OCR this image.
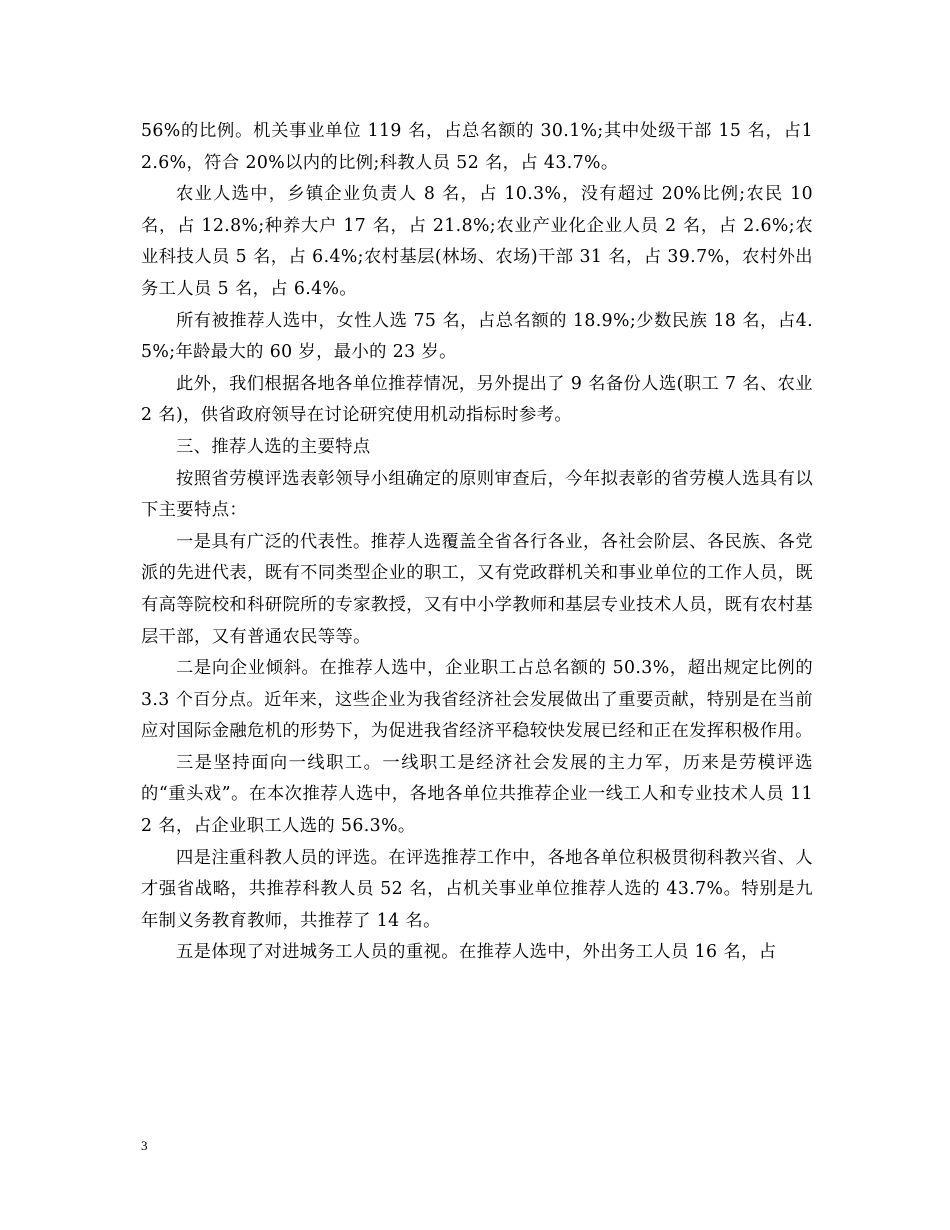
56%的比例。机关事业单位 119 名，占总名额的 30.1%;其中处级干部 15 名，占12.6%，符合 20%以内的比例;科教人员 52 名，占 43.7%。

农业人选中，乡镇企业负责人 8 名，占 10.3%，没有超过 20%比例;农民 10 名，占 12.8%;种养大户 17 名，占 21.8%;农业产业化企业人员 2 名，占 2.6%;农业科技人员 5 名，占 6.4%;农村基层(林场、农场)干部 31 名，占 39.7%，农村外出务工人员 5 名，占 6.4%。

所有被推荐人选中，女性人选 75 名，占总名额的 18.9%;少数民族 18 名，占4.5%;年龄最大的 60 岁，最小的 23 岁。

此外，我们根据各地各单位推荐情况，另外提出了 9 名备份人选(职工 7 名、农业 2 名)，供省政府领导在讨论研究使用机动指标时参考。

三、推荐人选的主要特点

按照省劳模评选表彰领导小组确定的原则审查后，今年拟表彰的省劳模人选具有以下主要特点：

一是具有广泛的代表性。推荐人选覆盖全省各行各业，各社会阶层、各民族、各党派的先进代表，既有不同类型企业的职工，又有党政群机关和事业单位的工作人员，既有高等院校和科研院所的专家教授，又有中小学教师和基层专业技术人员，既有农村基层干部，又有普通农民等等。

二是向企业倾斜。在推荐人选中，企业职工占总名额的 50.3%，超出规定比例的 3.3 个百分点。近年来，这些企业为我省经济社会发展做出了重要贡献，特别是在当前应对国际金融危机的形势下，为促进我省经济平稳较快发展已经和正在发挥积极作用。

三是坚持面向一线职工。一线职工是经济社会发展的主力军，历来是劳模评选的“重头戏”。在本次推荐人选中，各地各单位共推荐企业一线工人和专业技术人员 112 名，占企业职工人选的 56.3%。

四是注重科教人员的评选。在评选推荐工作中，各地各单位积极贯彻科教兴省、人才强省战略，共推荐科教人员 52 名，占机关事业单位推荐人选的 43.7%。特别是九年制义务教育教师，共推荐了 14 名。

五是体现了对进城务工人员的重视。在推荐人选中，外出务工人员 16 名，占

3
